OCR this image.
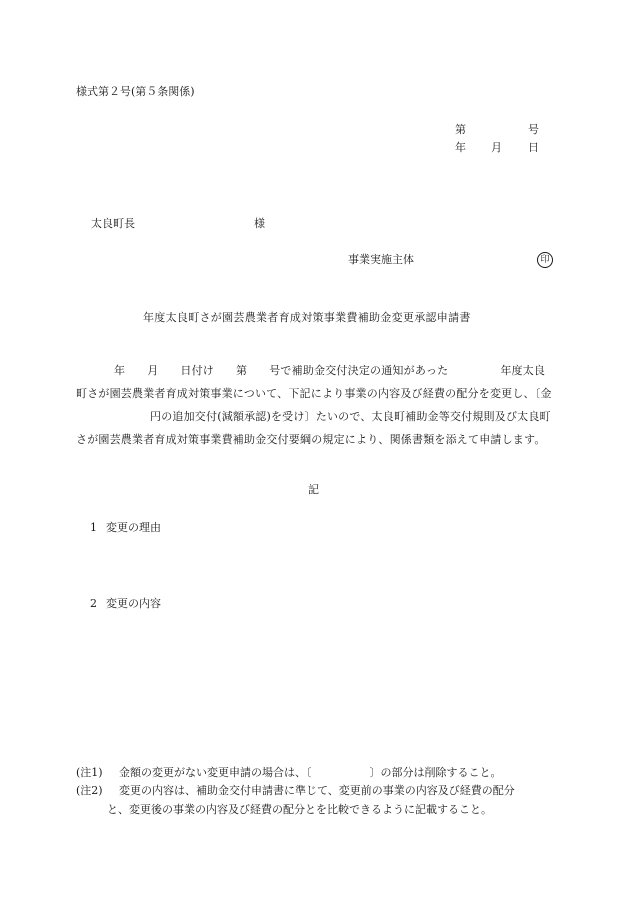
様式第２号(第５条関係)
第	号
年 月 日
太良町長	様
事業実施主体	印
年度太良町さが園芸農業者育成対策事業費補助金変更承認申請書
年 月 日付け 第 号で補助金交付決定の通知があった	年度太良町さが園芸農業者育成対策事業について、下記により事業の内容及び経費の配分を変更し、〔金円の追加交付(減額承認)を受け〕たいので、太良町補助金等交付規則及び太良町さが園芸農業者育成対策事業費補助金交付要綱の規定により、関係書類を添えて申請します。
記
1 変更の理由
2 変更の内容
(注1) 金額の変更がない変更申請の場合は、〔	〕の部分は削除すること。
(注2) 変更の内容は、補助金交付申請書に準じて、変更前の事業の内容及び経費の配分
と、変更後の事業の内容及び経費の配分とを比較できるように記載すること。
